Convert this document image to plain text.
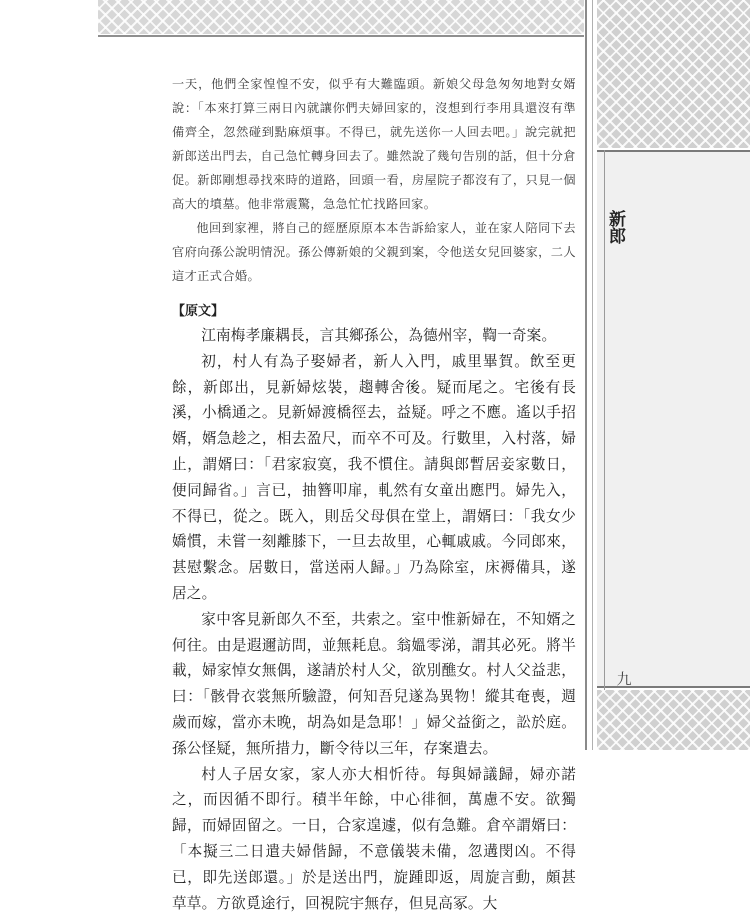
新郎
九

一天，他們全家惶惶不安，似乎有大難臨頭。新娘父母急匆匆地對女婿說：「本來打算三兩日內就讓你們夫婦回家的，沒想到行李用具還沒有準備齊全，忽然碰到點麻煩事。不得已，就先送你一人回去吧。」說完就把新郎送出門去，自己急忙轉身回去了。雖然說了幾句告別的話，但十分倉促。新郎剛想尋找來時的道路，回頭一看，房屋院子都沒有了，只見一個高大的墳墓。他非常震驚，急急忙忙找路回家。

他回到家裡，將自己的經歷原原本本告訴給家人，並在家人陪同下去官府向孫公說明情況。孫公傳新娘的父親到案，令他送女兒回婆家，二人這才正式合婚。

【原文】

江南梅孝廉耦長，言其鄉孫公，為德州宰，鞫一奇案。

初，村人有為子娶婦者，新人入門，戚里畢賀。飲至更餘，新郎出，見新婦炫裝，趨轉舍後。疑而尾之。宅後有長溪，小橋通之。見新婦渡橋徑去，益疑。呼之不應。遙以手招婿，婿急趁之，相去盈尺，而卒不可及。行數里，入村落，婦止，謂婿曰：「君家寂寞，我不慣住。請與郎暫居妾家數日，便同歸省。」言已，抽簪叩扉，軋然有女童出應門。婦先入，不得已，從之。既入，則岳父母俱在堂上，謂婿曰：「我女少嬌慣，未嘗一刻離膝下，一旦去故里，心輒戚戚。今同郎來，甚慰繫念。居數日，當送兩人歸。」乃為除室，床褥備具，遂居之。

家中客見新郎久不至，共索之。室中惟新婦在，不知婿之何往。由是遐邇訪問，並無耗息。翁媼零涕，謂其必死。將半載，婦家悼女無偶，遂請於村人父，欲別醮女。村人父益悲，曰：「骸骨衣裳無所驗證，何知吾兒遂為異物！縱其奄喪，週歲而嫁，當亦未晚，胡為如是急耶！」婦父益銜之，訟於庭。孫公怪疑，無所措力，斷令待以三年，存案遣去。

村人子居女家，家人亦大相忻待。每與婦議歸，婦亦諾之，而因循不即行。積半年餘，中心徘徊，萬慮不安。欲獨歸，而婦固留之。一日，合家遑遽，似有急難。倉卒謂婿曰：「本擬三二日遣夫婦偕歸，不意儀裝未備，忽遘閔凶。不得已，即先送郎還。」於是送出門，旋踵即返，周旋言動，頗甚草草。方欲覓途行，回視院宇無存，但見高冢。大
